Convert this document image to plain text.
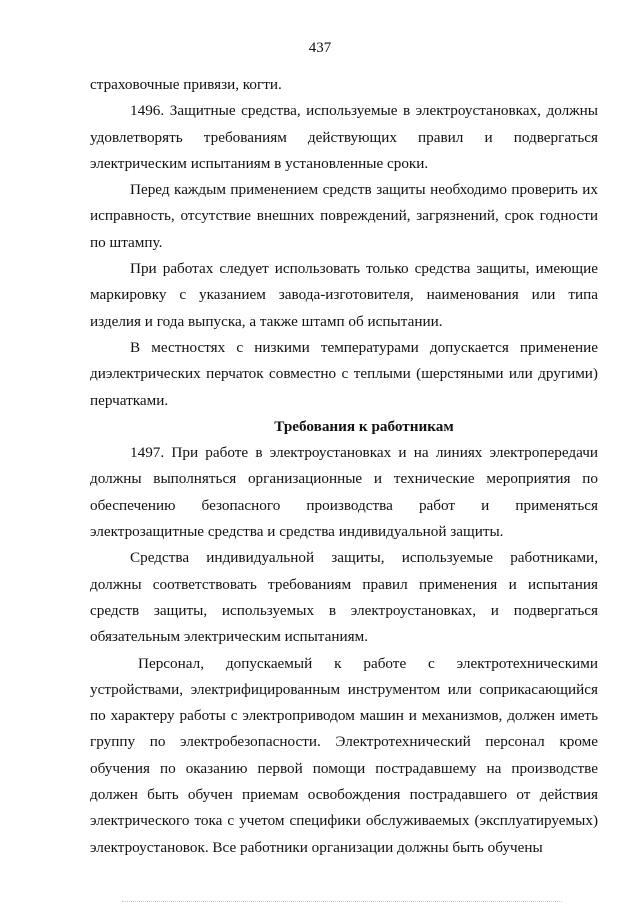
437

страховочные привязи, когти.

1496. Защитные средства, используемые в электроустановках, должны удовлетворять требованиям действующих правил и подвергаться электрическим испытаниям в установленные сроки.

Перед каждым применением средств защиты необходимо проверить их исправность, отсутствие внешних повреждений, загрязнений, срок годности по штампу.

При работах следует использовать только средства защиты, имеющие маркировку с указанием завода-изготовителя, наименования или типа изделия и года выпуска, а также штамп об испытании.

В местностях с низкими температурами допускается применение диэлектрических перчаток совместно с теплыми (шерстяными или другими) перчатками.

Требования к работникам

1497. При работе в электроустановках и на линиях электропередачи должны выполняться организационные и технические мероприятия по обеспечению безопасного производства работ и применяться электрозащитные средства и средства индивидуальной защиты.

Средства индивидуальной защиты, используемые работниками, должны соответствовать требованиям правил применения и испытания средств защиты, используемых в электроустановках, и подвергаться обязательным электрическим испытаниям.

Персонал, допускаемый к работе с электротехническими устройствами, электрифицированным инструментом или соприкасающийся по характеру работы с электроприводом машин и механизмов, должен иметь группу по электробезопасности. Электротехнический персонал кроме обучения по оказанию первой помощи пострадавшему на производстве должен быть обучен приемам освобождения пострадавшего от действия электрического тока с учетом специфики обслуживаемых (эксплуатируемых) электроустановок. Все работники организации должны быть обучены
